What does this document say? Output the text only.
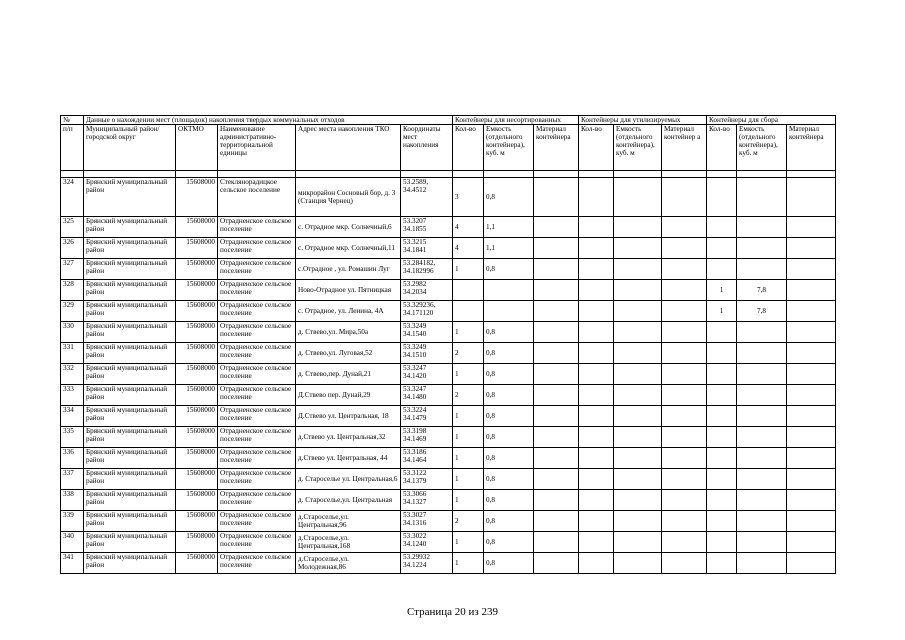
№	Данные о нахождении мест (площадок) накопления твердых коммунальных отходов					Контейнеры для несортированных			Контейнеры для утилизируемых			Контейнеры для сбора		
п/п	Муниципальный район/городской округ	ОКТМО	Наименование административно-территориальной единицы	Адрес места накопления ТКО	Координаты мест накопления	Кол-во	Емкость (отдельного контейнера), куб. м	Материал контейнера	Кол-во	Емкость (отдельного контейнера), куб. м	Материал контейнер а	Кол-во	Емкость (отдельного контейнера), куб. м	Материал контейнера

324	Брянский муниципальный район	15608000	Стеклянорадицкое сельское поселение	микрорайон Сосновый бор, д. 3 (Станция Чернец)	53.2589, 34.4512	3	0,8							
325	Брянский муниципальный район	15608000	Отрадненское сельское поселение	с. Отрадное мкр. Солнечный,6	53.3207 34.1855	4	1,1							
326	Брянский муниципальный район	15608000	Отрадненское сельское поселение	с. Отрадное мкр. Солнечный,11	53.3215 34.1841	4	1,1							
327	Брянский муниципальный район	15608000	Отрадненское сельское поселение	с.Отрадное , ул. Ромашин Луг	53.284182, 34.182996	1	0,8							
328	Брянский муниципальный район	15608000	Отрадненское сельское поселение	Ново-Отрадное ул. Пятницкая	53.2982 34.2034							1	7,8	
329	Брянский муниципальный район	15608000	Отрадненское сельское поселение	с. Отрадное, ул. Ленина, 4А	53.329236, 34.171120							1	7,8	
330	Брянский муниципальный район	15608000	Отрадненское сельское поселение	д. Ствево,ул. Мира,50а	53.3249 34.1540	1	0,8							
331	Брянский муниципальный район	15608000	Отрадненское сельское поселение	д. Ствево,ул. Луговая,52	53.3249 34.1510	2	0,8							
332	Брянский муниципальный район	15608000	Отрадненское сельское поселение	д. Ствево,пер. Дунай,21	53.3247 34.1420	1	0,8							
333	Брянский муниципальный район	15608000	Отрадненское сельское поселение	Д.Ствево пер. Дунай,29	53.3247 34.1480	2	0,8							
334	Брянский муниципальный район	15608000	Отрадненское сельское поселение	Д.Ствево ул. Центральная, 18	53.3224 34.1479	1	0,8							
335	Брянский муниципальный район	15608000	Отрадненское сельское поселение	д.Ствево ул. Центральная,32	53.3198 34.1469	1	0,8							
336	Брянский муниципальный район	15608000	Отрадненское сельское поселение	д.Ствево ул. Центральная, 44	53.3186 34.1464	1	0,8							
337	Брянский муниципальный район	15608000	Отрадненское сельское поселение	д. Староселье ул. Центральная,6	53.3122 34.1379	1	0,8							
338	Брянский муниципальный район	15608000	Отрадненское сельское поселение	д. Староселье,ул. Центральная	53.3066 34.1327	1	0,8							
339	Брянский муниципальный район	15608000	Отрадненское сельское поселение	д.Староселье,ул. Центральная,96	53.3027 34.1316	2	0,8							
340	Брянский муниципальный район	15608000	Отрадненское сельское поселение	д.Староселье,ул. Центральная,168	53.3022 34.1240	1	0,8							
341	Брянский муниципальный район	15608000	Отрадненское сельское поселение	д.Староселье,ул. Молодежная,86	53.29932 34.1224	1	0,8							
Страница 20 из 239
